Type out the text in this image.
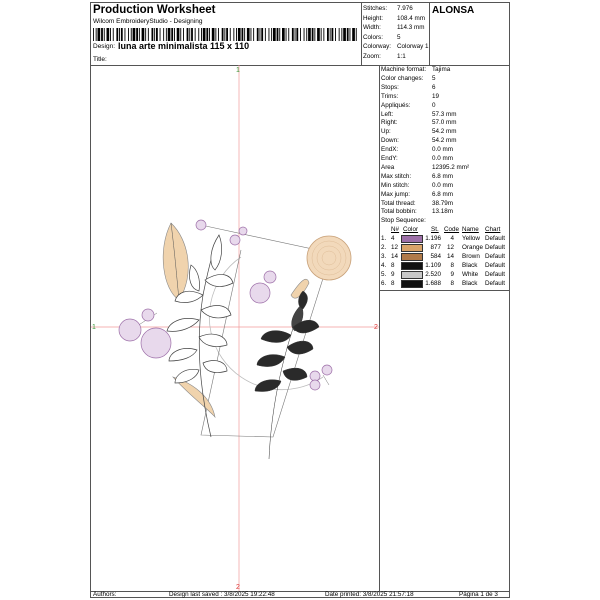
Production Worksheet
Wilcom EmbroideryStudio - Designing
Design: luna arte minimalista 115 x 110
Title:
Stitches: 7.976
Height: 108.4 mm
Width:	114.3 mm
Colors: 5
Colorway: Colorway 1
Zoom:	1:1
ALONSA
1
1	2
2
Machine format: Tajima
Color changes: 5
Stops:	6
Trims:	19
Appliqués:	0
Left:	57.3 mm
Right:	57.0 mm
Up:	54.2 mm
Down:	54.2 mm
EndX:	0.0 mm
EndY:	0.0 mm
Area	12395.2 mm²
Max stitch:	6.8 mm
Min stitch:	0.0 mm
Max jump:	6.8 mm
Total thread:	38.79m
Total bobbin: 13.18m
Stop Sequence:
N# Color St. Code Name Chart
1. 4	1.196	4 Yellow Default
2. 12	877 12 Orange Default
3. 14	584 14 Brown Default
4. 8	1.109	8 Black Default
5. 9	2.520	9 White Default
6. 8	1.688	8 Black Default
Authors:	Design last saved : 3/8/2025 19:22:48	Date printed: 3/8/2025 21:57:18	Página 1 de 3
